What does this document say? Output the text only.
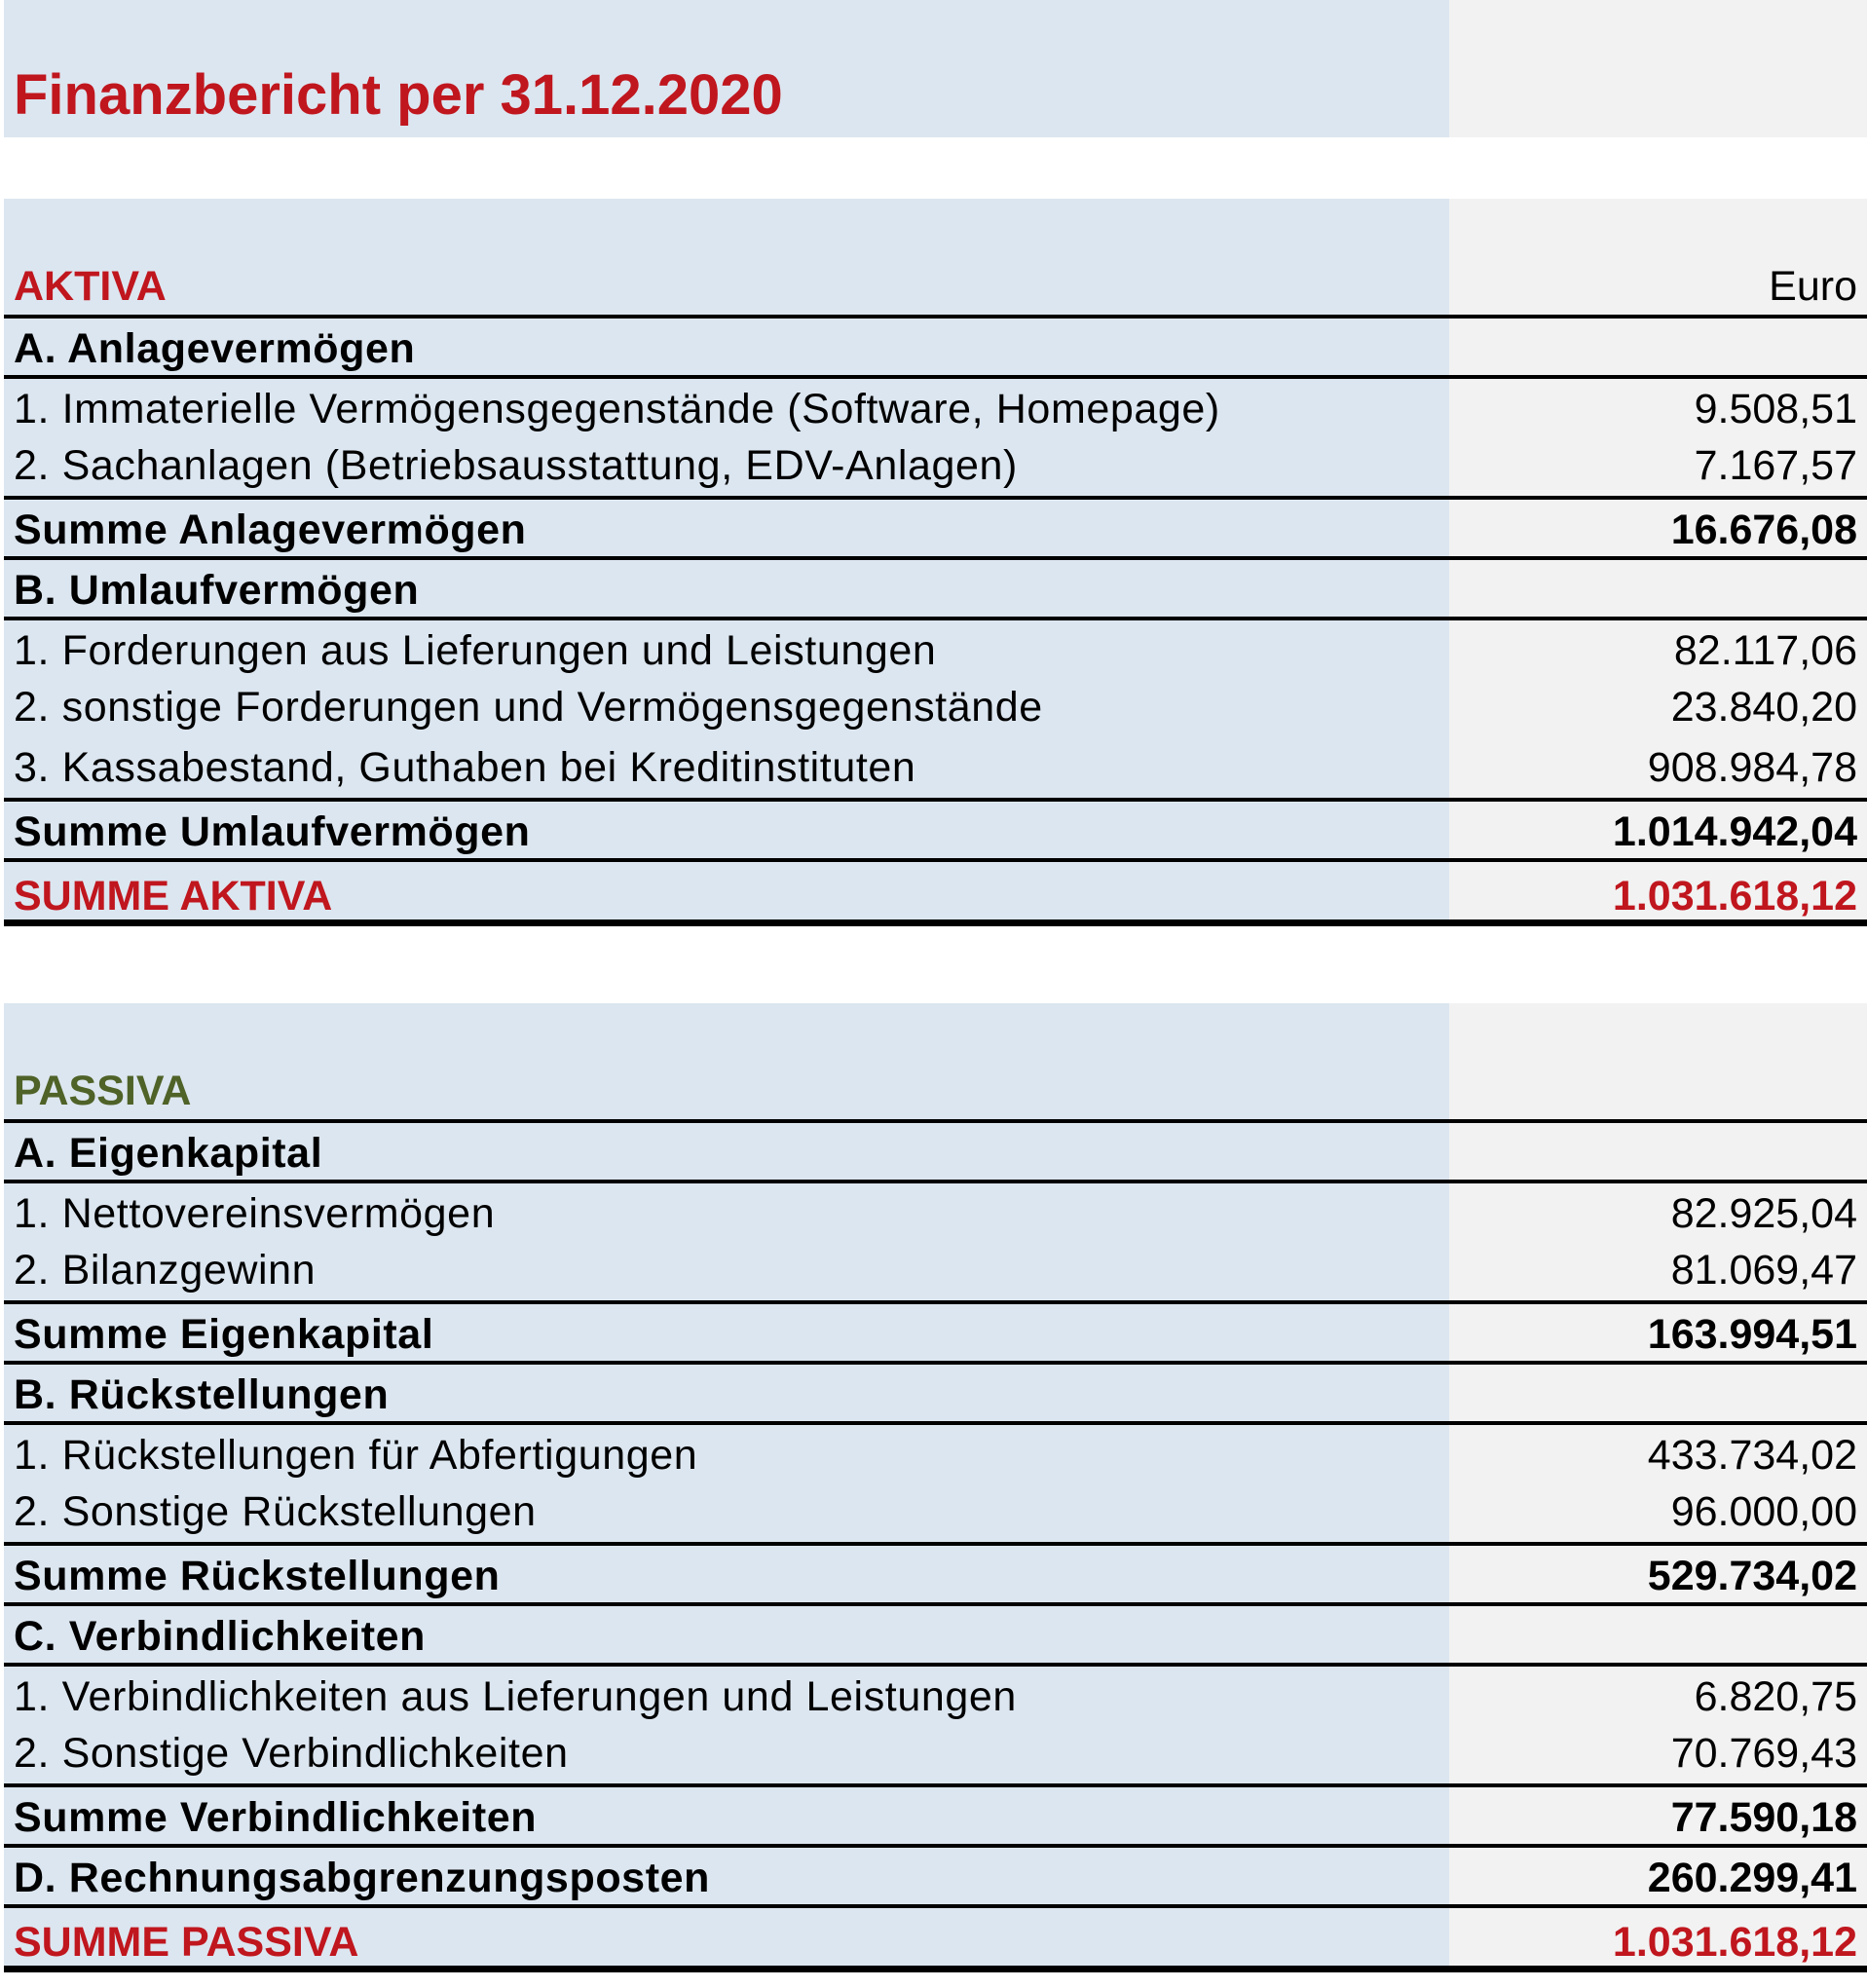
Finanzbericht per 31.12.2020
AKTIVA	Euro
A. Anlagevermögen
1. Immaterielle Vermögensgegenstände (Software, Homepage)	9.508,51
2. Sachanlagen (Betriebsausstattung, EDV-Anlagen)	7.167,57
Summe Anlagevermögen	16.676,08
B. Umlaufvermögen
1. Forderungen aus Lieferungen und Leistungen	82.117,06
2. sonstige Forderungen und Vermögensgegenstände	23.840,20
3. Kassabestand, Guthaben bei Kreditinstituten	908.984,78
Summe Umlaufvermögen	1.014.942,04
SUMME AKTIVA	1.031.618,12
PASSIVA
A. Eigenkapital
1. Nettovereinsvermögen	82.925,04
2. Bilanzgewinn	81.069,47
Summe Eigenkapital	163.994,51
B. Rückstellungen
1. Rückstellungen für Abfertigungen	433.734,02
2. Sonstige Rückstellungen	96.000,00
Summe Rückstellungen	529.734,02
C. Verbindlichkeiten
1. Verbindlichkeiten aus Lieferungen und Leistungen	6.820,75
2. Sonstige Verbindlichkeiten	70.769,43
Summe Verbindlichkeiten	77.590,18
D. Rechnungsabgrenzungsposten	260.299,41
SUMME PASSIVA	1.031.618,12
